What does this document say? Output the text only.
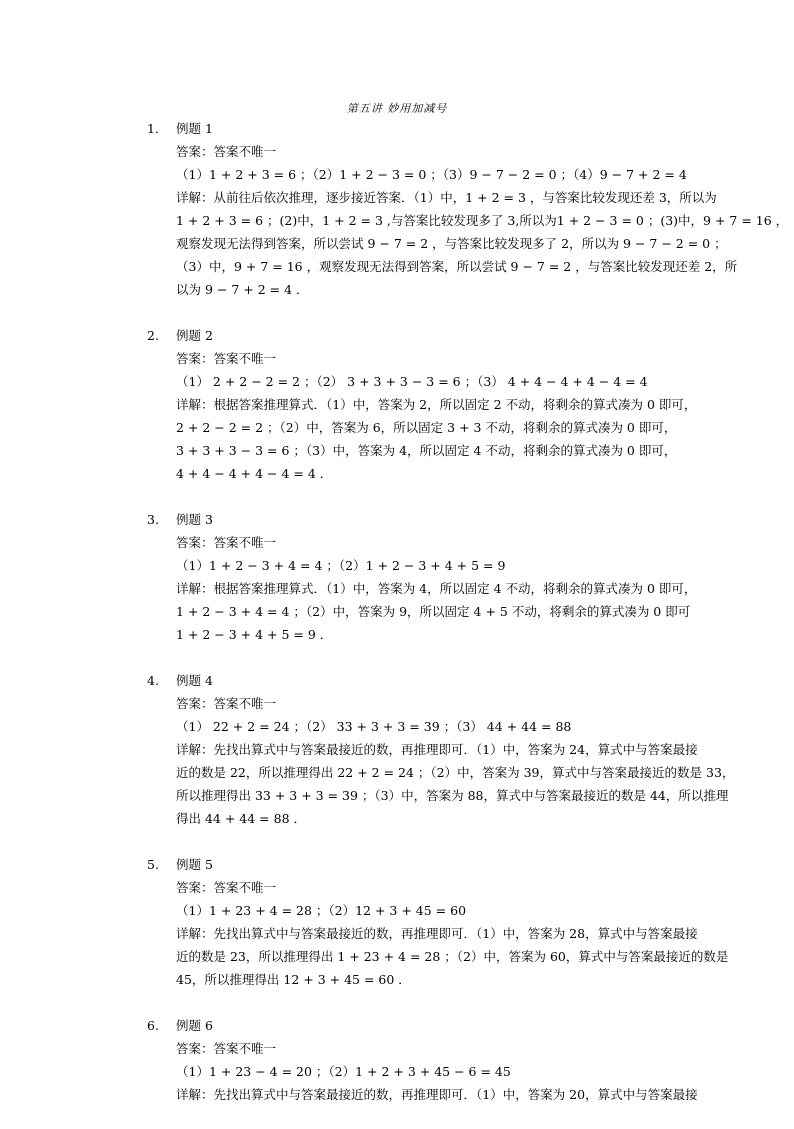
第五讲 妙用加减号
1. 例题 1
答案：答案不唯一
（1）1 + 2 + 3 = 6 ；（2）1 + 2 − 3 = 0 ；（3）9 − 7 − 2 = 0 ；（4）9 − 7 + 2 = 4
详解：从前往后依次推理，逐步接近答案．（1）中，1 + 2 = 3 ，与答案比较发现还差 3，所以为
1 + 2 + 3 = 6 ；(2)中，1 + 2 = 3 ,与答案比较发现多了 3,所以为1 + 2 − 3 = 0 ；(3)中，9 + 7 = 16 ，
观察发现无法得到答案，所以尝试 9 − 7 = 2 ，与答案比较发现多了 2，所以为 9 − 7 − 2 = 0 ；
（3）中，9 + 7 = 16 ，观察发现无法得到答案，所以尝试 9 − 7 = 2 ，与答案比较发现还差 2，所
以为 9 − 7 + 2 = 4 ．
2. 例题 2
答案：答案不唯一
（1） 2 + 2 − 2 = 2 ；（2） 3 + 3 + 3 − 3 = 6 ；（3） 4 + 4 − 4 + 4 − 4 = 4
详解：根据答案推理算式．（1）中，答案为 2，所以固定 2 不动，将剩余的算式凑为 0 即可，
2 + 2 − 2 = 2 ；（2）中，答案为 6，所以固定 3 + 3 不动，将剩余的算式凑为 0 即可，
3 + 3 + 3 − 3 = 6 ；（3）中，答案为 4，所以固定 4 不动，将剩余的算式凑为 0 即可，
4 + 4 − 4 + 4 − 4 = 4 ．
3. 例题 3
答案：答案不唯一
（1）1 + 2 − 3 + 4 = 4 ；（2）1 + 2 − 3 + 4 + 5 = 9
详解：根据答案推理算式．（1）中，答案为 4，所以固定 4 不动，将剩余的算式凑为 0 即可，
1 + 2 − 3 + 4 = 4 ；（2）中，答案为 9，所以固定 4 + 5 不动，将剩余的算式凑为 0 即可
1 + 2 − 3 + 4 + 5 = 9 ．
4. 例题 4
答案：答案不唯一
（1） 22 + 2 = 24 ；（2） 33 + 3 + 3 = 39 ；（3） 44 + 44 = 88
详解：先找出算式中与答案最接近的数，再推理即可．（1）中，答案为 24，算式中与答案最接
近的数是 22，所以推理得出 22 + 2 = 24 ；（2）中，答案为 39，算式中与答案最接近的数是 33，
所以推理得出 33 + 3 + 3 = 39 ；（3）中，答案为 88，算式中与答案最接近的数是 44，所以推理
得出 44 + 44 = 88 ．
5. 例题 5
答案：答案不唯一
（1）1 + 23 + 4 = 28 ；（2）12 + 3 + 45 = 60
详解：先找出算式中与答案最接近的数，再推理即可．（1）中，答案为 28，算式中与答案最接
近的数是 23，所以推理得出 1 + 23 + 4 = 28 ；（2）中，答案为 60，算式中与答案最接近的数是
45，所以推理得出 12 + 3 + 45 = 60 ．
6. 例题 6
答案：答案不唯一
（1）1 + 23 − 4 = 20 ；（2）1 + 2 + 3 + 45 − 6 = 45
详解：先找出算式中与答案最接近的数，再推理即可．（1）中，答案为 20，算式中与答案最接
